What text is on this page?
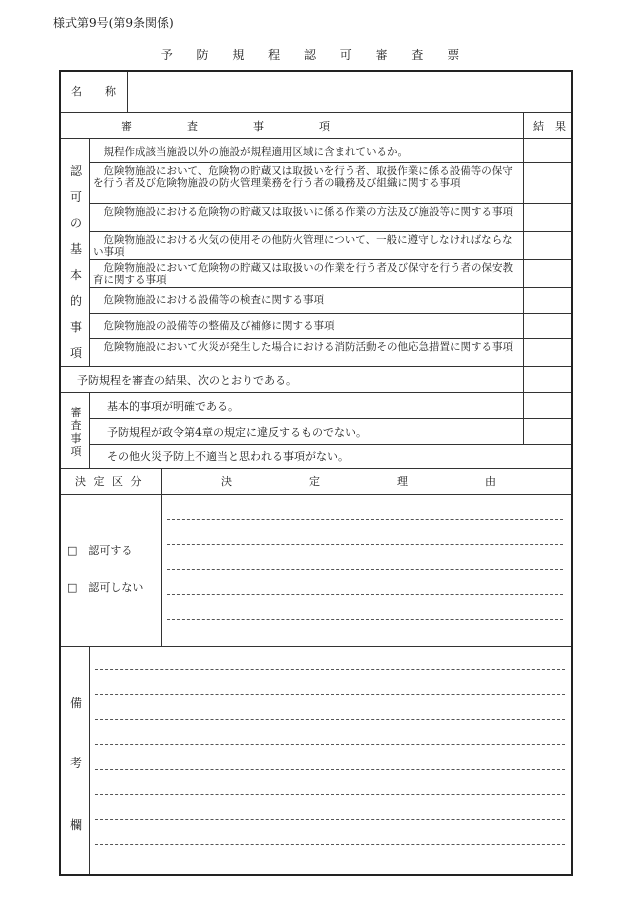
様式第9号(第9条関係)
予 防 規 程 認 可 審 査 票
名　称
審　　　　　査　　　　　事　　　　　項	結　果
認
可
の
基
本
的
事
項
規程作成該当施設以外の施設が規程適用区域に含まれているか。
危険物施設において、危険物の貯蔵又は取扱いを行う者、取扱作業に係る設備等の保守を行う者及び危険物施設の防火管理業務を行う者の職務及び組織に関する事項
危険物施設における危険物の貯蔵又は取扱いに係る作業の方法及び施設等に関する事項
危険物施設における火気の使用その他防火管理について、一般に遵守しなければならない事項
危険物施設において危険物の貯蔵又は取扱いの作業を行う者及び保守を行う者の保安教育に関する事項
危険物施設における設備等の検査に関する事項
危険物施設の設備等の整備及び補修に関する事項
危険物施設において火災が発生した場合における消防活動その他応急措置に関する事項
予防規程を審査の結果、次のとおりである。
審
査
事
項
基本的事項が明確である。
予防規程が政令第4章の規定に違反するものでない。
その他火災予防上不適当と思われる事項がない。
決 定 区 分	決　　　　　　　定　　　　　　　理　　　　　　　由
□　認可する
□　認可しない
備
考
欄
